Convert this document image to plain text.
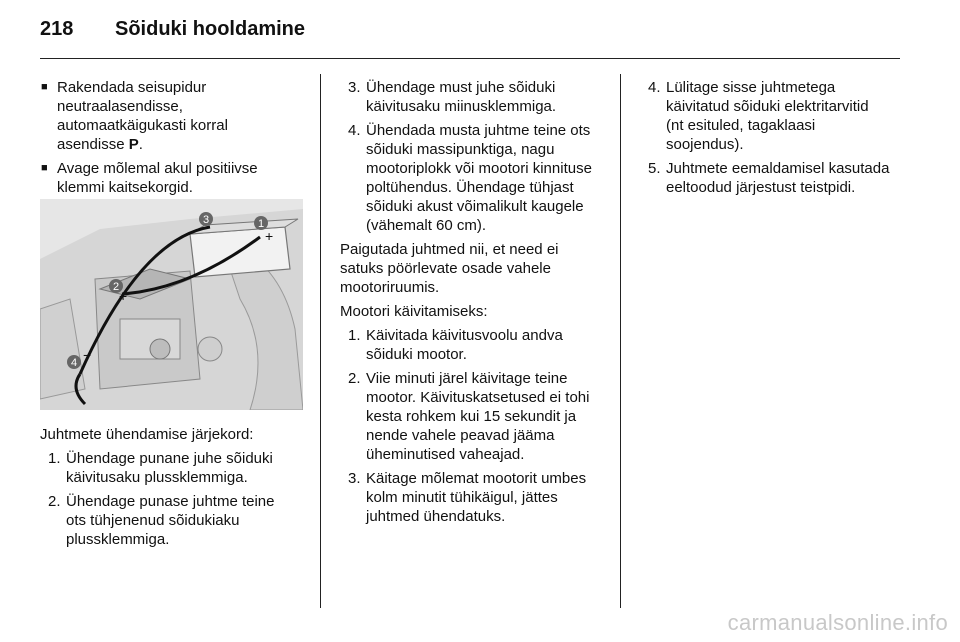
218	Sõiduki hooldamine
■ Rakendada seisupidur
neutraalasendisse,
automaatkäigukasti korral
asendisse P.
■ Avage mõlemal akul positiivse
klemmi kaitsekorgid.
3
−	1
+
2
+
4 −
Juhtmete ühendamise järjekord:
1. Ühendage punane juhe sõiduki
käivitusaku plussklemmiga.
2. Ühendage punase juhtme teine
ots tühjenenud sõidukiaku
plussklemmiga.
3. Ühendage must juhe sõiduki
käivitusaku miinusklemmiga.
4. Ühendada musta juhtme teine ots
sõiduki massipunktiga, nagu
mootoriplokk või mootori kinnituse
poltühendus. Ühendage tühjast
sõiduki akust võimalikult kaugele
(vähemalt 60 cm).
Paigutada juhtmed nii, et need ei
satuks pöörlevate osade vahele
mootoriruumis.
Mootori käivitamiseks:
1. Käivitada käivitusvoolu andva
sõiduki mootor.
2. Viie minuti järel käivitage teine
mootor. Käivituskatsetused ei tohi
kesta rohkem kui 15 sekundit ja
nende vahele peavad jääma
üheminutised vaheajad.
3. Käitage mõlemat mootorit umbes
kolm minutit tühikäigul, jättes
juhtmed ühendatuks.
4. Lülitage sisse juhtmetega
käivitatud sõiduki elektritarvitid
(nt esituled, tagaklaasi
soojendus).
5. Juhtmete eemaldamisel kasutada
eeltoodud järjestust teistpidi.
carmanualsonline.info
